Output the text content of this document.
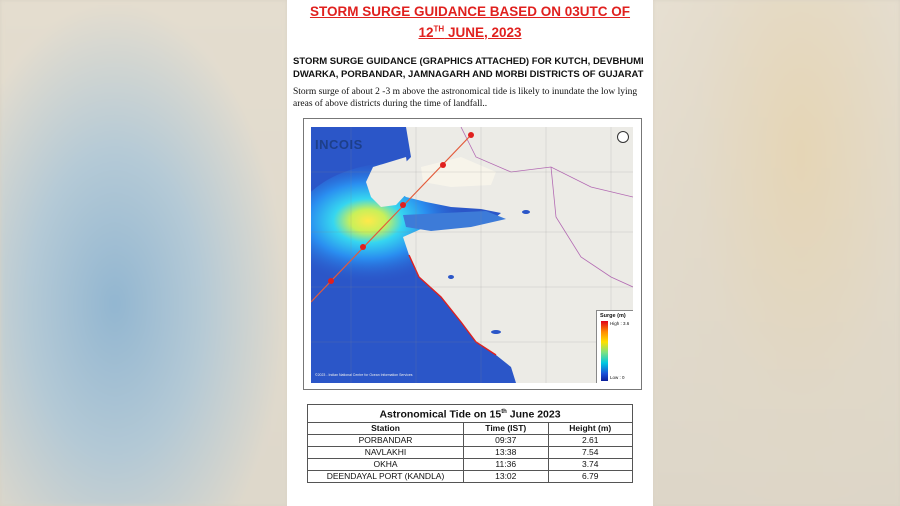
STORM SURGE GUIDANCE BASED ON 03UTC OF
12TH JUNE, 2023
STORM SURGE GUIDANCE (GRAPHICS ATTACHED) FOR KUTCH, DEVBHUMI DWARKA, PORBANDAR, JAMNAGARH AND MORBI DISTRICTS OF GUJARAT
Storm surge of about 2 -3 m above the astronomical tide is likely to inundate the low lying areas of above districts during the time of landfall..
INCOIS
Surge (m)
High : 3.6
Low : 0
©2023 - Indian National Centre for Ocean Information Services
Astronomical Tide on 15th June 2023		
Station	Time (IST)	Height (m)
PORBANDAR	09:37	2.61
NAVLAKHI	13:38	7.54
OKHA	11:36	3.74
DEENDAYAL PORT (KANDLA)	13:02	6.79
